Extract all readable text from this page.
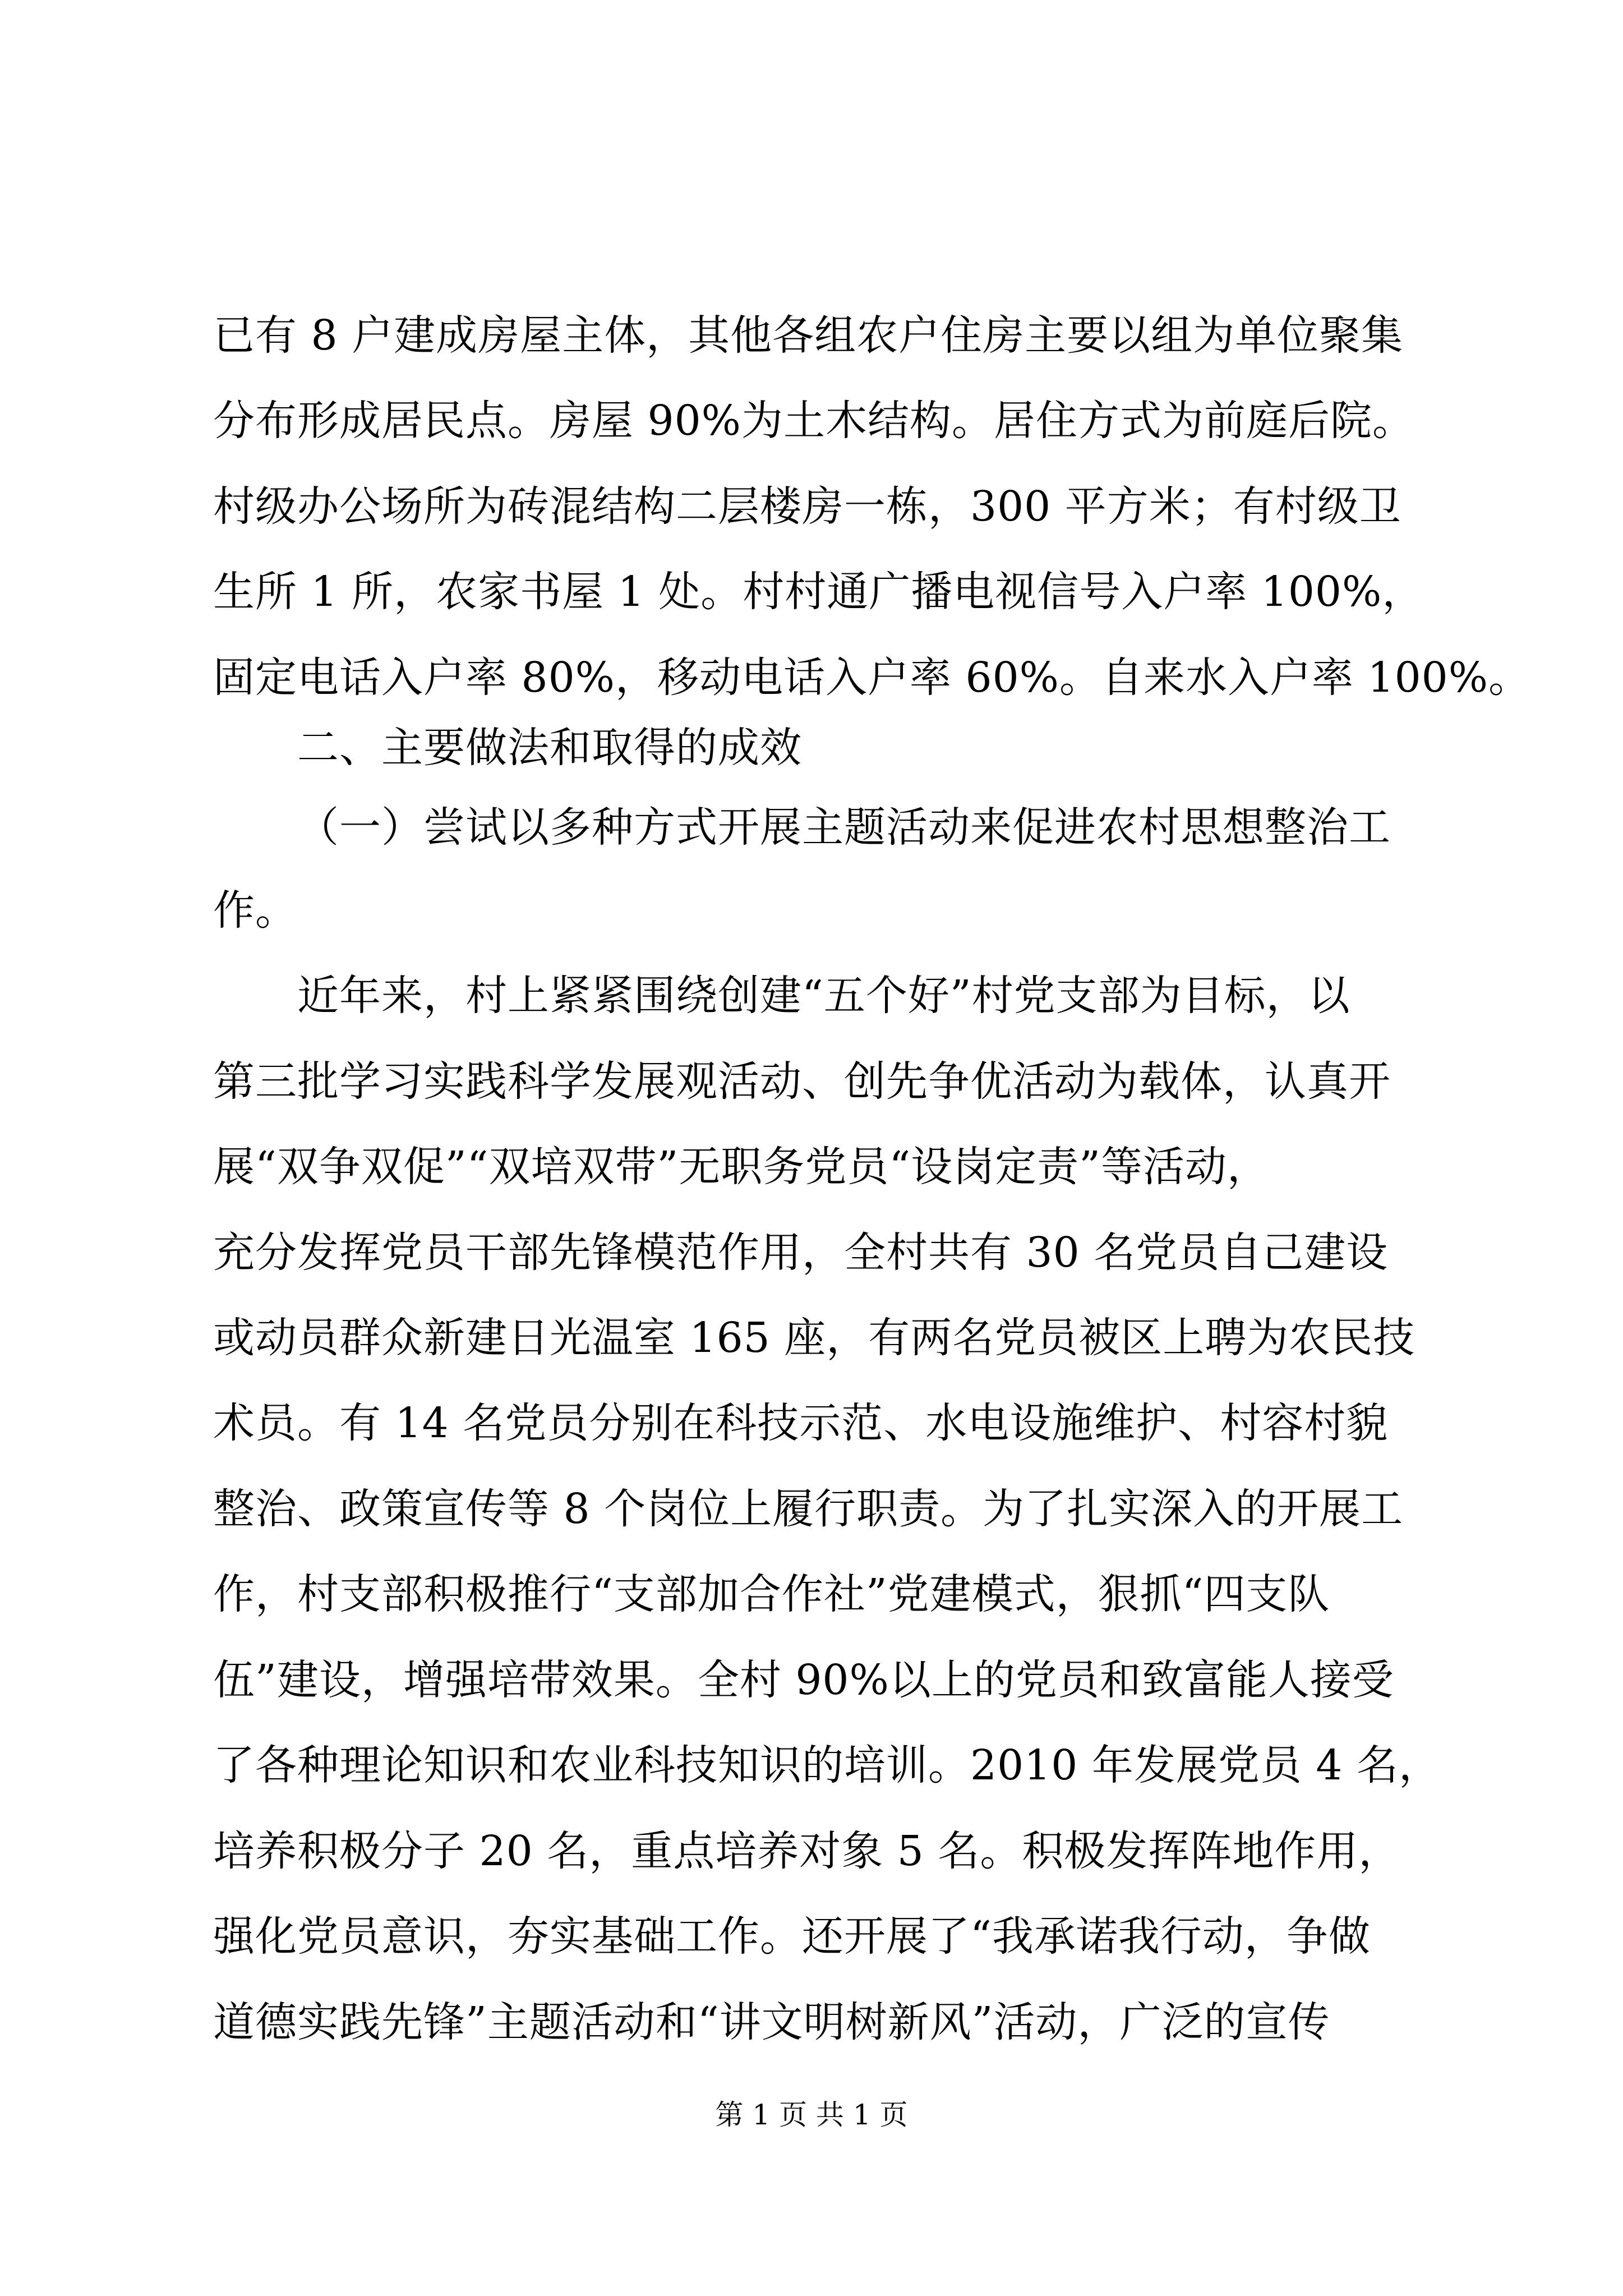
已有 8 户建成房屋主体，其他各组农户住房主要以组为单位聚集
分布形成居民点。房屋 90%为土木结构。居住方式为前庭后院。
村级办公场所为砖混结构二层楼房一栋，300 平方米；有村级卫
生所 1 所，农家书屋 1 处。村村通广播电视信号入户率 100%，
固定电话入户率 80%，移动电话入户率 60%。自来水入户率 100%。
二、主要做法和取得的成效
（一）尝试以多种方式开展主题活动来促进农村思想整治工
作。
近年来，村上紧紧围绕创建“五个好”村党支部为目标，以
第三批学习实践科学发展观活动、创先争优活动为载体，认真开
展“双争双促”“双培双带”无职务党员“设岗定责”等活动，
充分发挥党员干部先锋模范作用，全村共有 30 名党员自己建设
或动员群众新建日光温室 165 座，有两名党员被区上聘为农民技
术员。有 14 名党员分别在科技示范、水电设施维护、村容村貌
整治、政策宣传等 8 个岗位上履行职责。为了扎实深入的开展工
作，村支部积极推行“支部加合作社”党建模式，狠抓“四支队
伍”建设，增强培带效果。全村 90%以上的党员和致富能人接受
了各种理论知识和农业科技知识的培训。2010 年发展党员 4 名，
培养积极分子 20 名，重点培养对象 5 名。积极发挥阵地作用，
强化党员意识，夯实基础工作。还开展了“我承诺我行动，争做
道德实践先锋”主题活动和“讲文明树新风”活动，广泛的宣传
第 1 页 共 1 页
